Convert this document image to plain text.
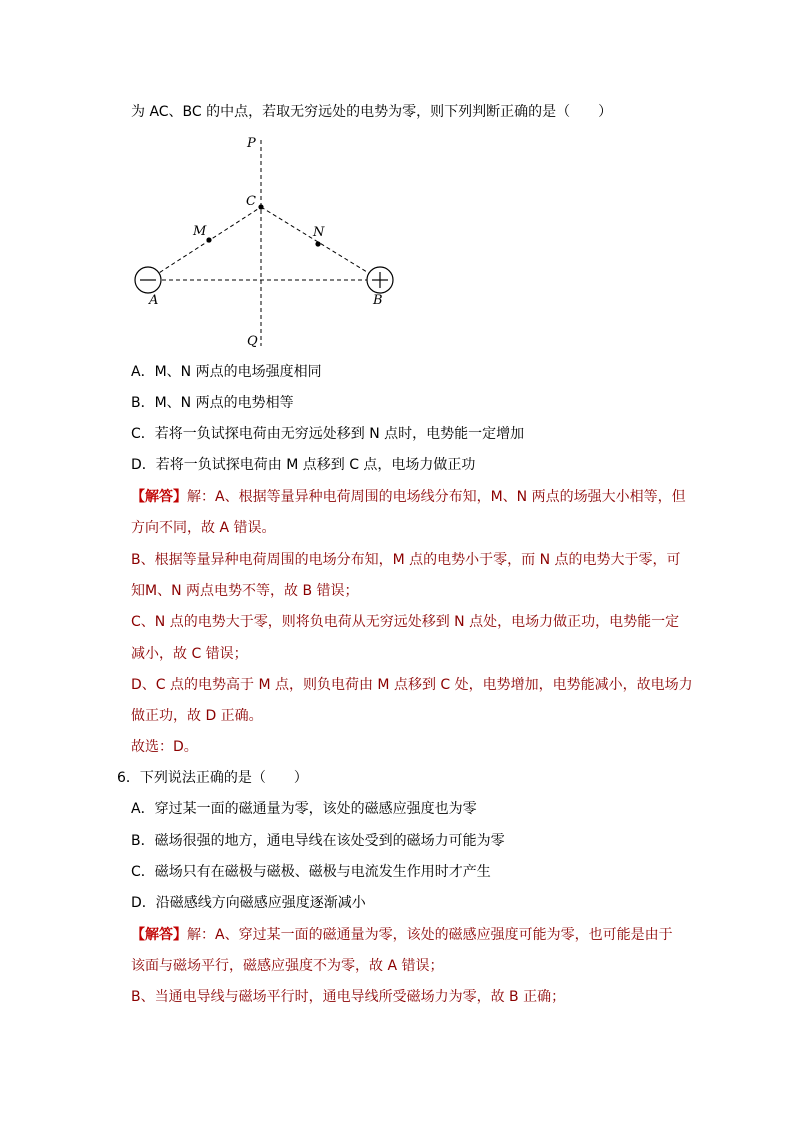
为 AC、BC 的中点，若取无穷远处的电势为零，则下列判断正确的是（　　）
P
C
M	N
A	B
Q
A．M、N 两点的电场强度相同
B．M、N 两点的电势相等
C．若将一负试探电荷由无穷远处移到 N 点时，电势能一定增加
D．若将一负试探电荷由 M 点移到 C 点，电场力做正功
【解答】解：A、根据等量异种电荷周围的电场线分布知，M、N 两点的场强大小相等，但
方向不同，故 A 错误。
B、根据等量异种电荷周围的电场分布知，M 点的电势小于零，而 N 点的电势大于零，可
知M、N 两点电势不等，故 B 错误；
C、N 点的电势大于零，则将负电荷从无穷远处移到 N 点处，电场力做正功，电势能一定
减小，故 C 错误；
D、C 点的电势高于 M 点，则负电荷由 M 点移到 C 处，电势增加，电势能减小，故电场力
做正功，故 D 正确。
故选：D。
6．下列说法正确的是（　　）
A．穿过某一面的磁通量为零，该处的磁感应强度也为零
B．磁场很强的地方，通电导线在该处受到的磁场力可能为零
C．磁场只有在磁极与磁极、磁极与电流发生作用时才产生
D．沿磁感线方向磁感应强度逐渐减小
【解答】解：A、穿过某一面的磁通量为零，该处的磁感应强度可能为零，也可能是由于
该面与磁场平行，磁感应强度不为零，故 A 错误；
B、当通电导线与磁场平行时，通电导线所受磁场力为零，故 B 正确；
